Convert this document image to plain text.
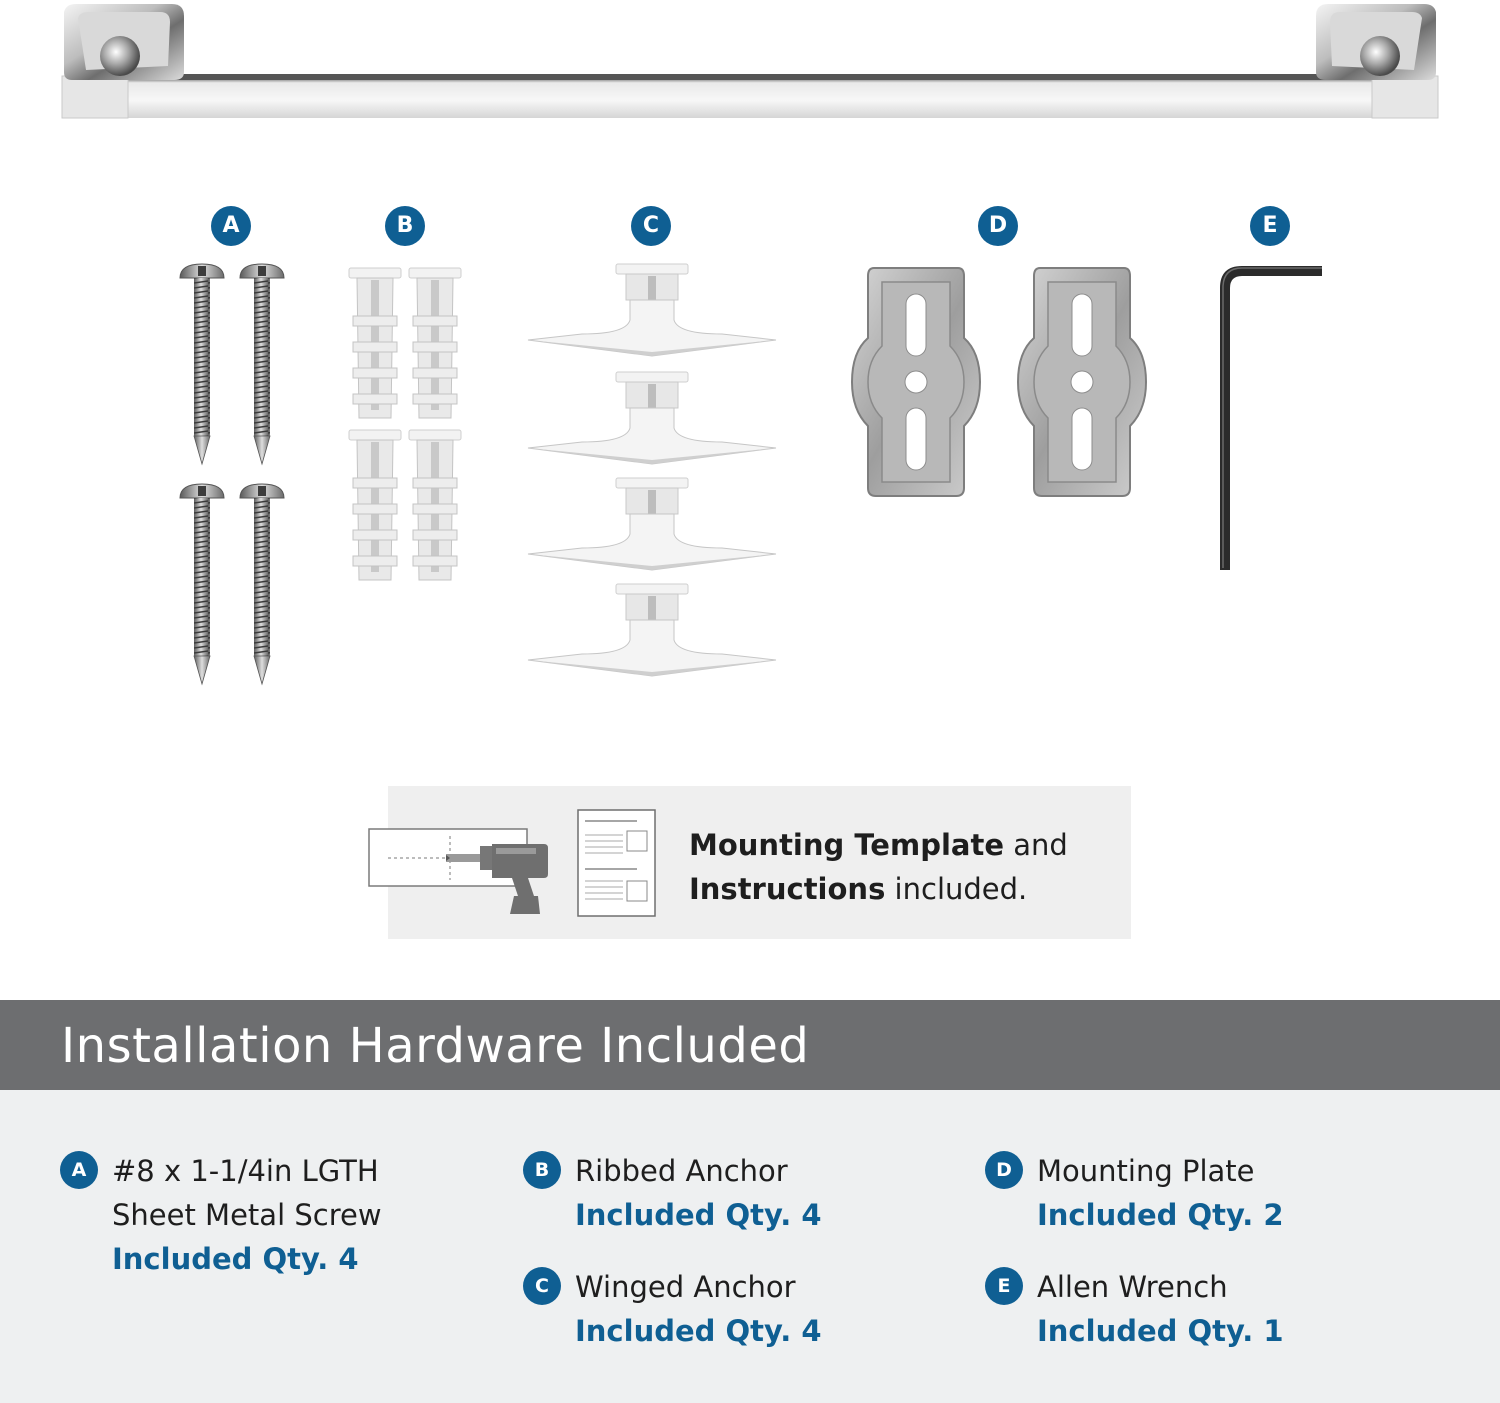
A	B	C	D	E
Mounting Template and
Instructions included.
Installation Hardware Included
A #8 x 1-1/4in LGTH
Sheet Metal Screw
Included Qty. 4
B Ribbed Anchor
Included Qty. 4
C Winged Anchor
Included Qty. 4
D Mounting Plate
Included Qty. 2
E Allen Wrench
Included Qty. 1
